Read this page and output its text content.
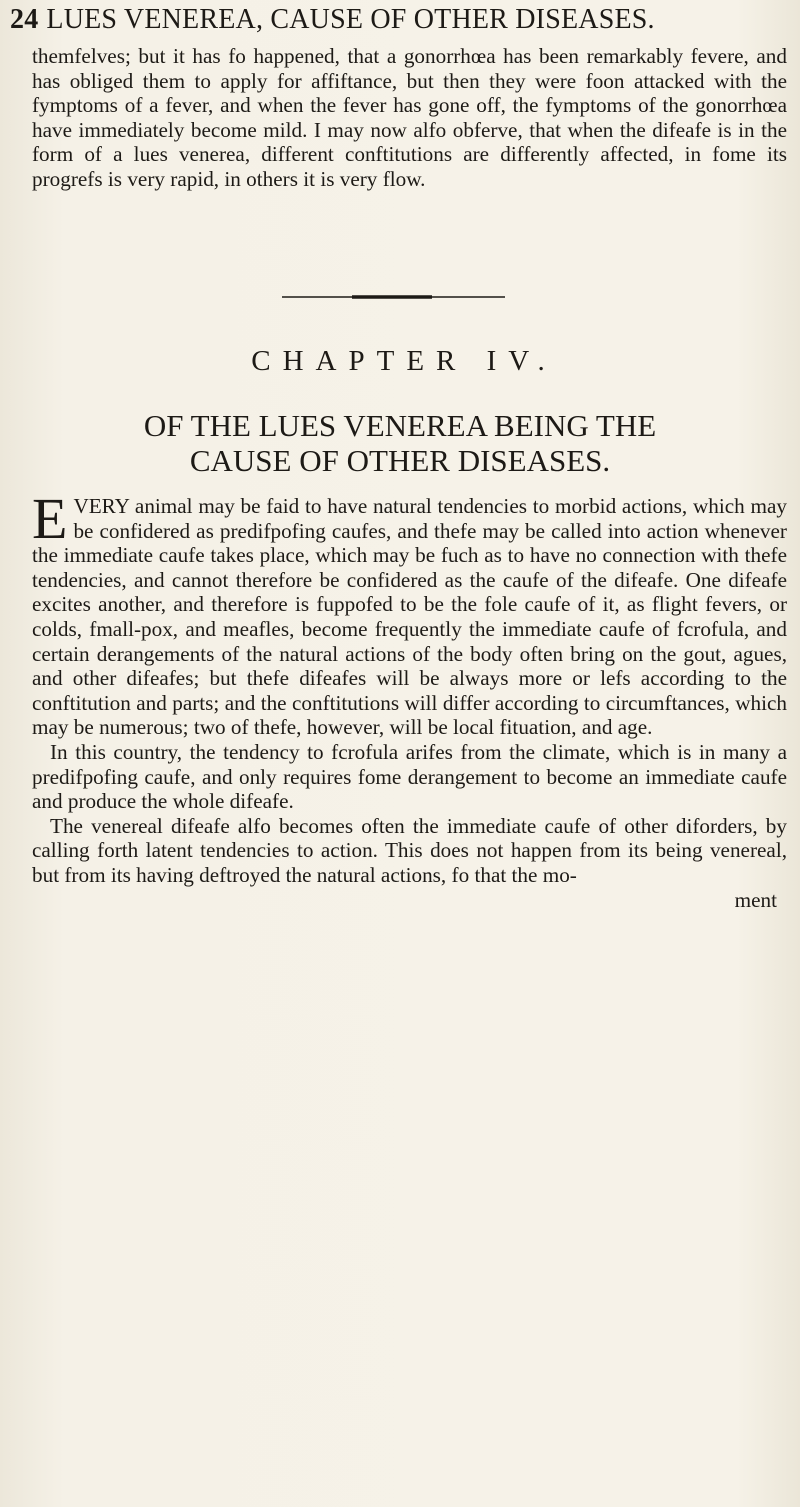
24 LUES VENEREA, CAUSE OF OTHER DISEASES.

themfelves; but it has fo happened, that a gonorrhœa has been remarkably fevere, and has obliged them to apply for affiftance, but then they were foon attacked with the fymptoms of a fever, and when the fever has gone off, the fymptoms of the gonorrhœa have immediately become mild. I may now alfo obferve, that when the difeafe is in the form of a lues venerea, different conftitutions are differently affected, in fome its progrefs is very rapid, in others it is very flow.

CHAPTER IV.
OF THE LUES VENEREA BEING THE
CAUSE OF OTHER DISEASES.

EVERY animal may be faid to have natural tendencies to morbid actions, which may be confidered as predifpofing caufes, and thefe may be called into action whenever the immediate caufe takes place, which may be fuch as to have no connection with thefe tendencies, and cannot therefore be confidered as the caufe of the difeafe. One difeafe excites another, and therefore is fuppofed to be the fole caufe of it, as flight fevers, or colds, fmall-pox, and meafles, become frequently the immediate caufe of fcrofula, and certain derangements of the natural actions of the body often bring on the gout, agues, and other difeafes; but thefe difeafes will be always more or lefs according to the conftitution and parts; and the conftitutions will differ according to circumftances, which may be numerous; two of thefe, however, will be local fituation, and age.

In this country, the tendency to fcrofula arifes from the climate, which is in many a predifpofing caufe, and only requires fome derangement to become an immediate caufe and produce the whole difeafe.

The venereal difeafe alfo becomes often the immediate caufe of other diforders, by calling forth latent tendencies to action. This does not happen from its being venereal, but from its having deftroyed the natural actions, fo that the mo-

ment
